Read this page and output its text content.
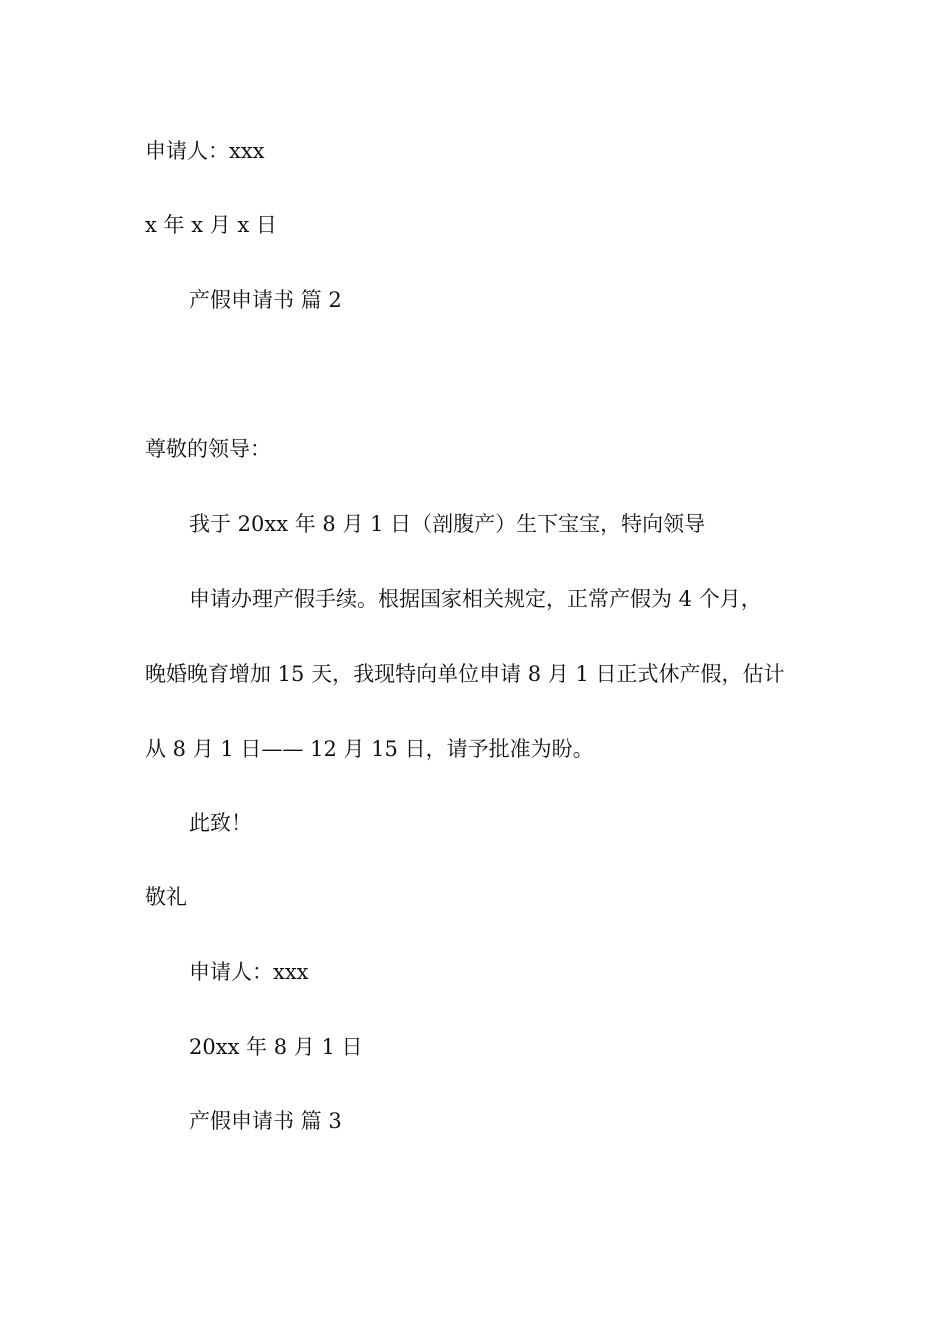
申请人：xxx
x 年 x 月 x 日
产假申请书 篇 2
尊敬的领导：
我于 20xx 年 8 月 1 日（剖腹产）生下宝宝，特向领导
申请办理产假手续。根据国家相关规定，正常产假为 4 个月，
晚婚晚育增加 15 天，我现特向单位申请 8 月 1 日正式休产假，估计
从 8 月 1 日—— 12 月 15 日，请予批准为盼。
此致！
敬礼
申请人：xxx
20xx 年 8 月 1 日
产假申请书 篇 3
